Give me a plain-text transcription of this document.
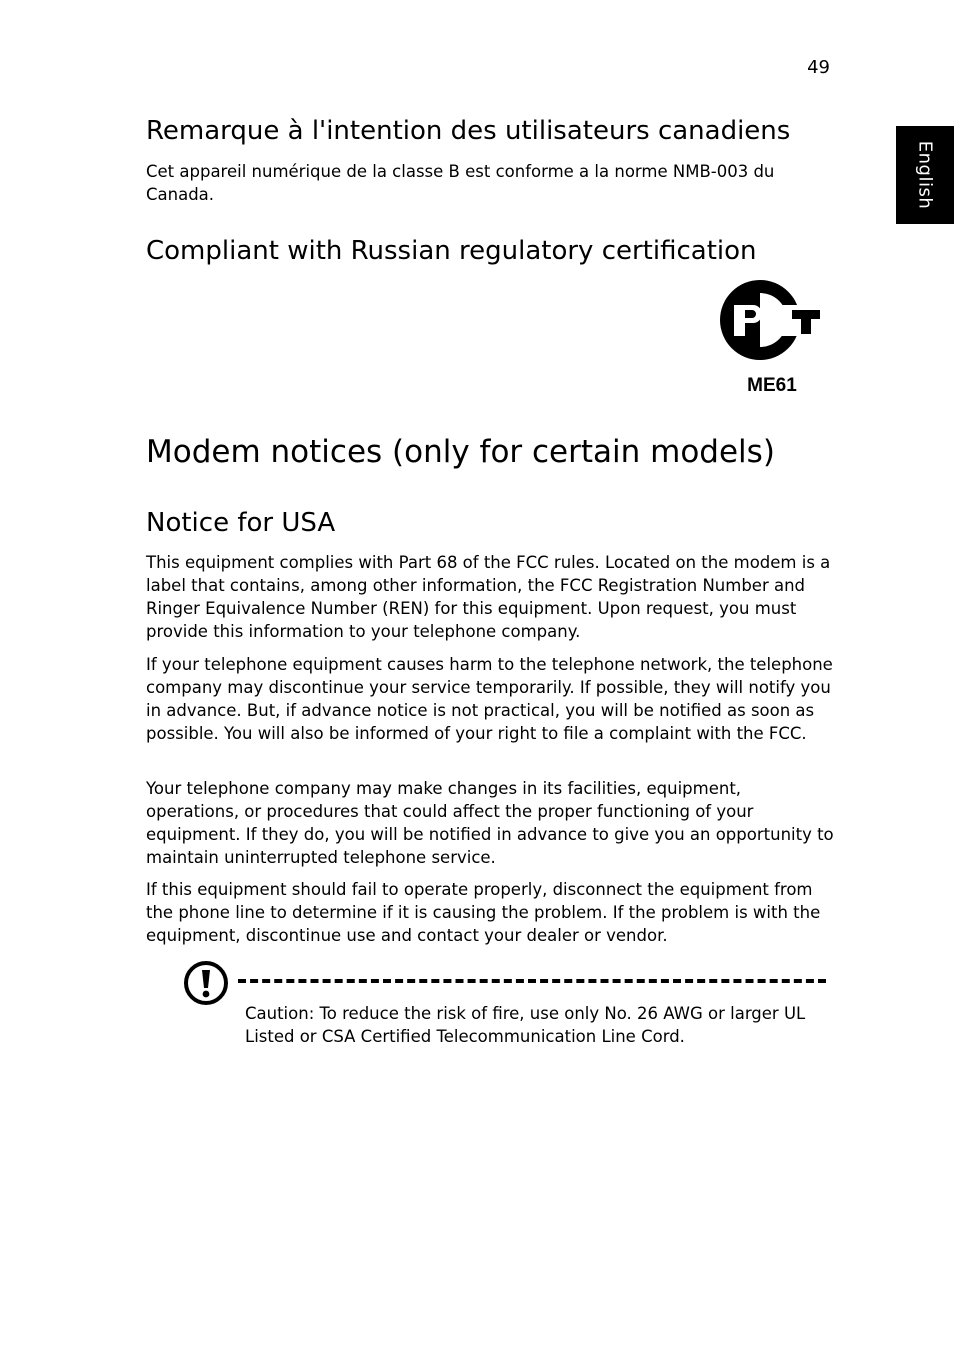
49
English
Remarque à l'intention des utilisateurs canadiens

Cet appareil numérique de la classe B est conforme a la norme NMB-003 du Canada.

Compliant with Russian regulatory certification
ME61
Modem notices (only for certain models)
Notice for USA

This equipment complies with Part 68 of the FCC rules. Located on the modem is a label that contains, among other information, the FCC Registration Number and Ringer Equivalence Number (REN) for this equipment. Upon request, you must provide this information to your telephone company.

If your telephone equipment causes harm to the telephone network, the telephone company may discontinue your service temporarily. If possible, they will notify you in advance. But, if advance notice is not practical, you will be notified as soon as possible. You will also be informed of your right to file a complaint with the FCC.

Your telephone company may make changes in its facilities, equipment, operations, or procedures that could affect the proper functioning of your equipment. If they do, you will be notified in advance to give you an opportunity to maintain uninterrupted telephone service.

If this equipment should fail to operate properly, disconnect the equipment from the phone line to determine if it is causing the problem. If the problem is with the equipment, discontinue use and contact your dealer or vendor.

Caution: To reduce the risk of fire, use only No. 26 AWG or larger UL Listed or CSA Certified Telecommunication Line Cord.
